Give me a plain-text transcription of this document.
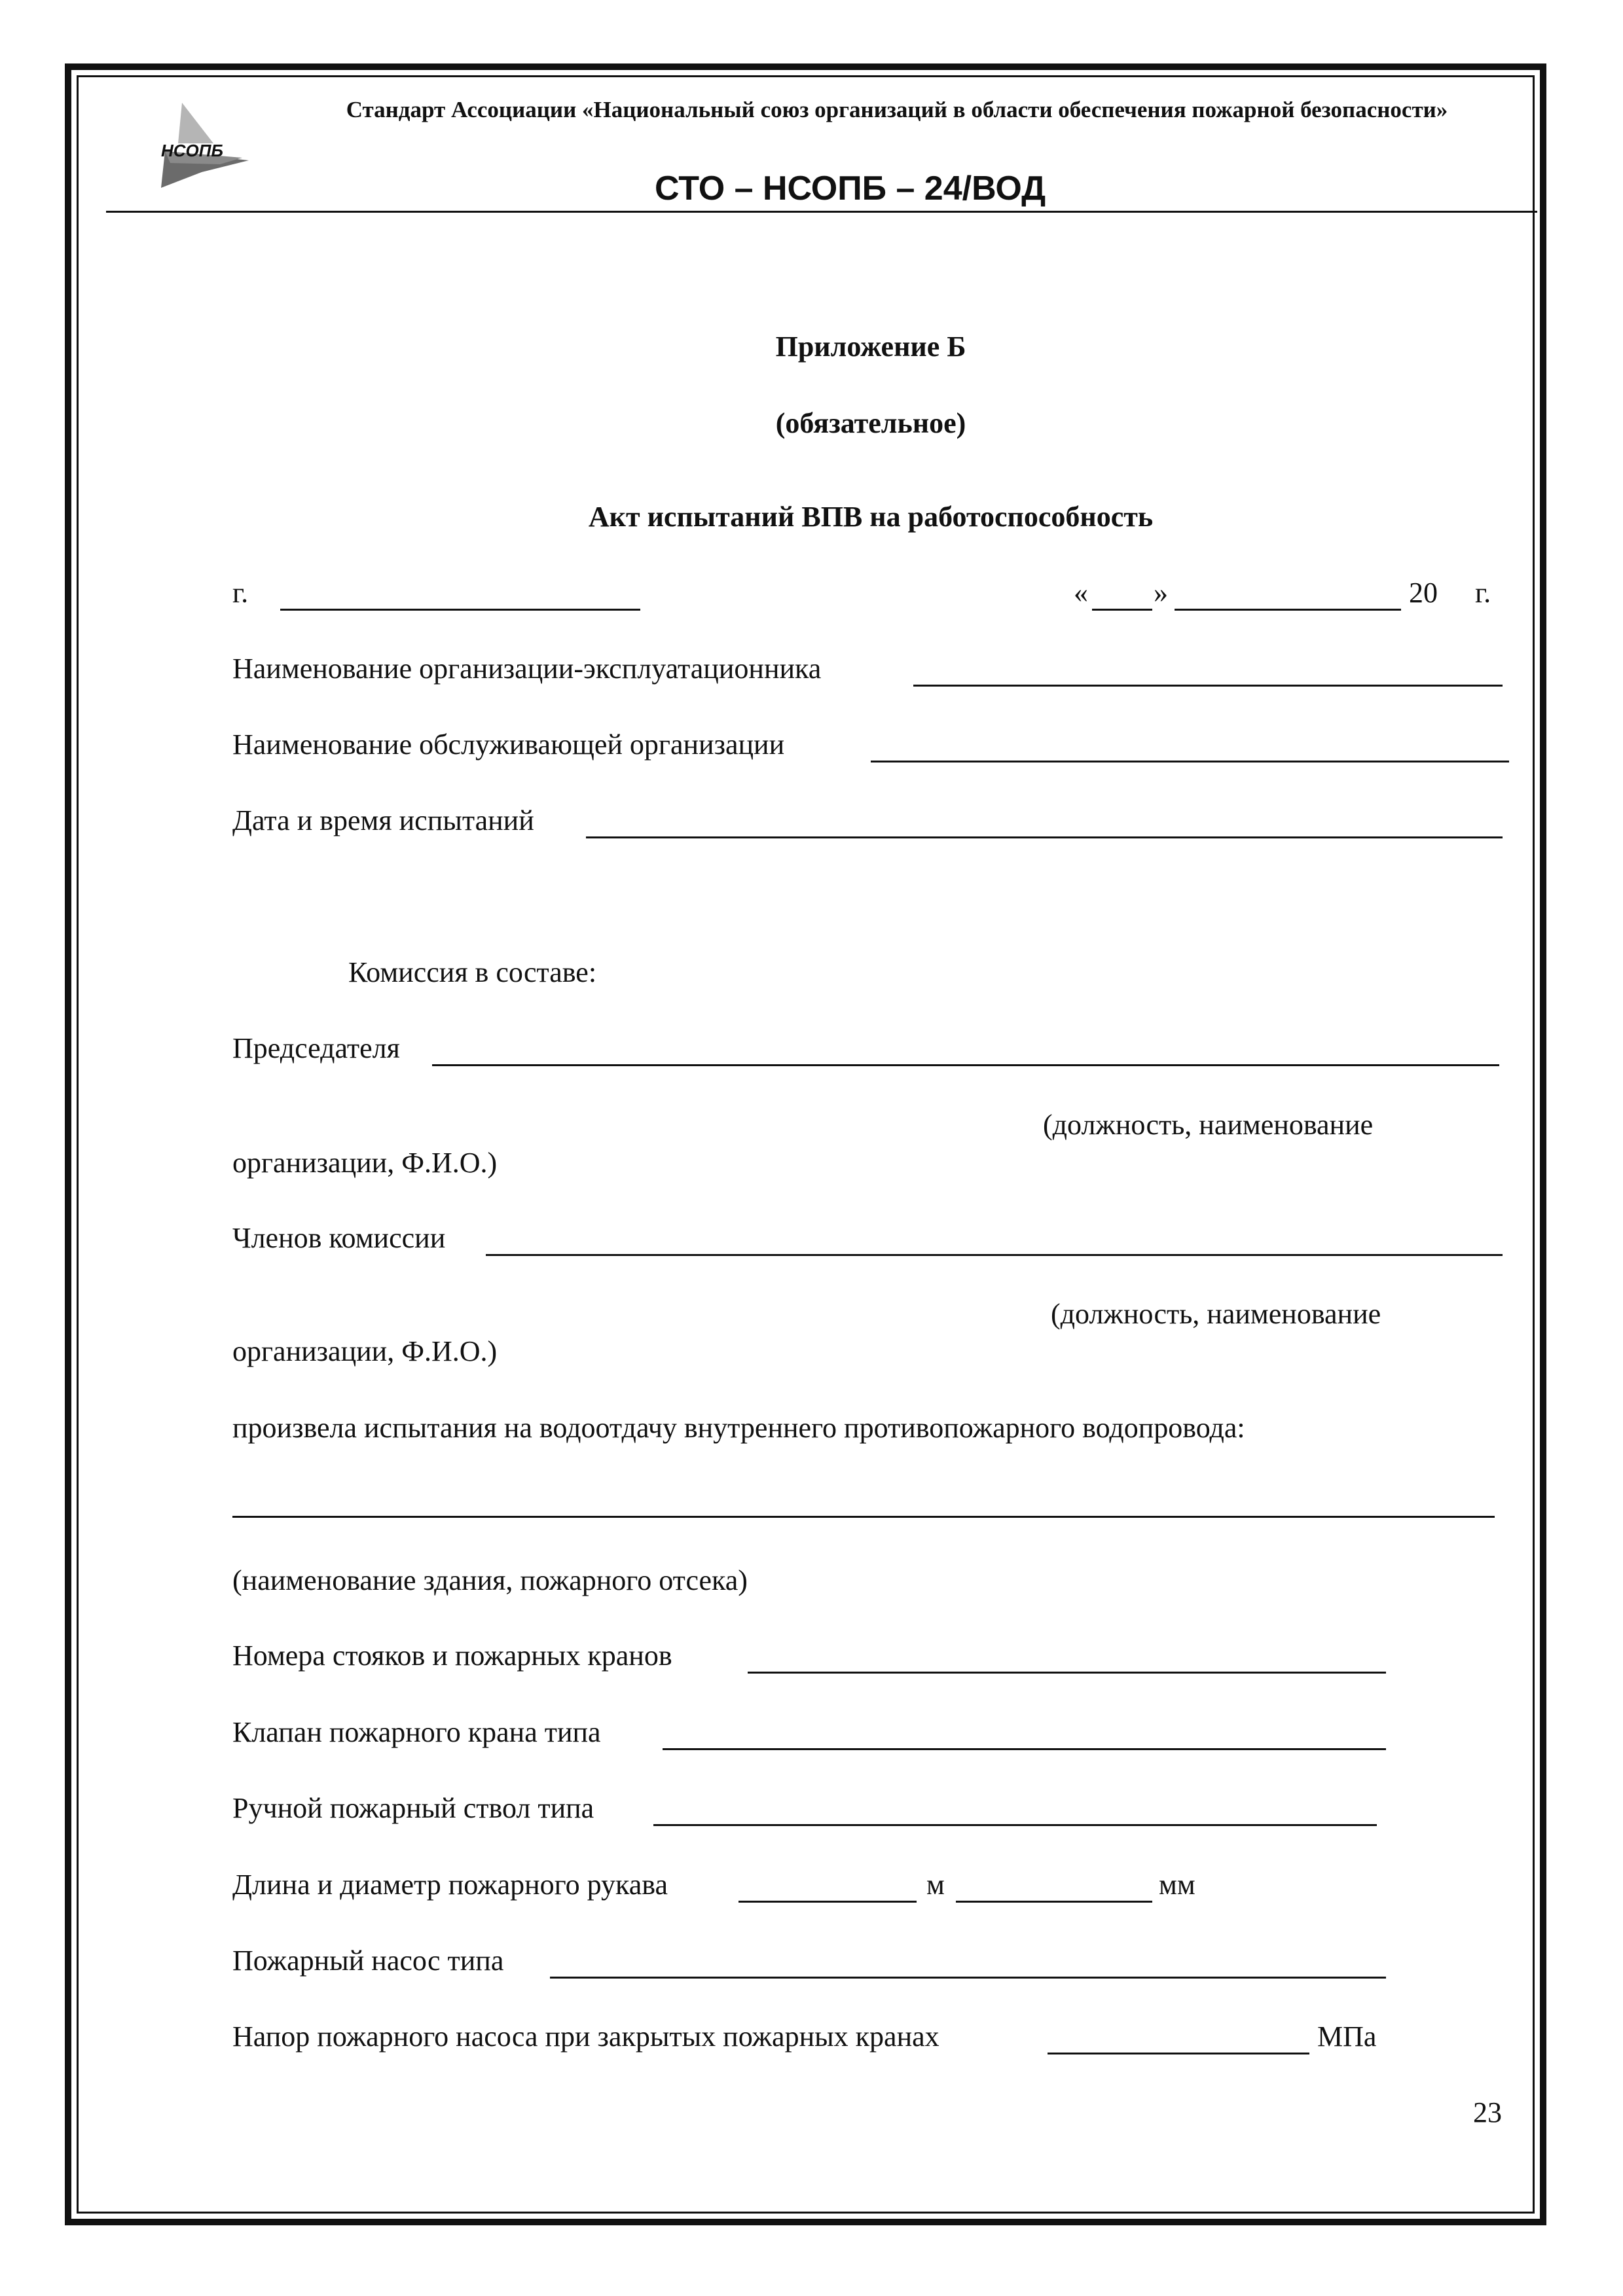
НСОПБ
Стандарт Ассоциации «Национальный союз организаций в области обеспечения пожарной безопасности»
СТО – НСОПБ – 24/ВОД
Приложение Б
(обязательное)
Акт испытаний ВПВ на работоспособность
г.	« »	20 г.
Наименование организации-эксплуатационника
Наименование обслуживающей организации
Дата и время испытаний
Комиссия в составе:
Председателя
(должность, наименование
организации, Ф.И.О.)
Членов комиссии
(должность, наименование
организации, Ф.И.О.)
произвела испытания на водоотдачу внутреннего противопожарного водопровода:
(наименование здания, пожарного отсека)
Номера стояков и пожарных кранов
Клапан пожарного крана типа
Ручной пожарный ствол типа
Длина и диаметр пожарного рукава	м	мм
Пожарный насос типа
Напор пожарного насоса при закрытых пожарных кранах	МПа
23
